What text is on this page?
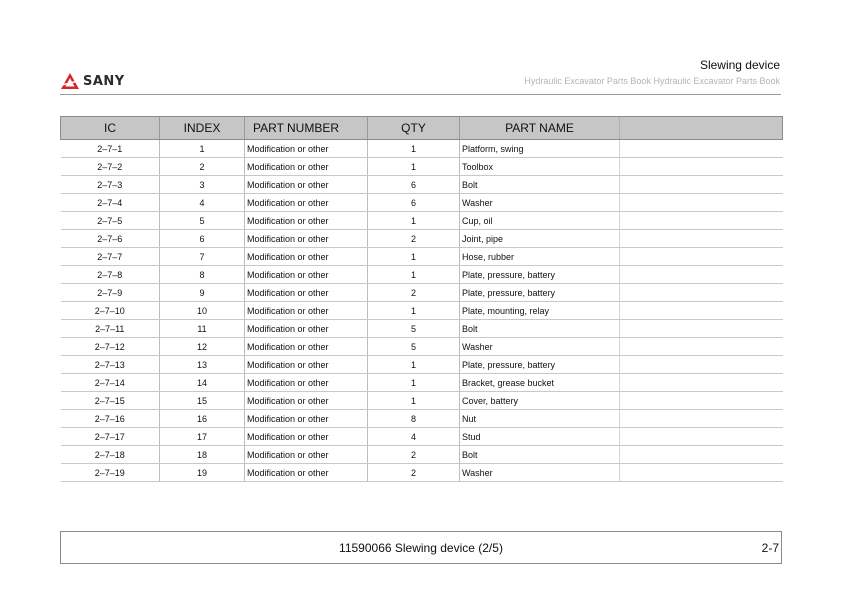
SANY
Slewing device
Hydraulic Excavator Parts Book Hydraulic Excavator Parts Book
IC	INDEX	PART NUMBER	QTY	PART NAME	
2–7–1	1	Modification or other	1	Platform, swing	
2–7–2	2	Modification or other	1	Toolbox	
2–7–3	3	Modification or other	6	Bolt	
2–7–4	4	Modification or other	6	Washer	
2–7–5	5	Modification or other	1	Cup, oil	
2–7–6	6	Modification or other	2	Joint, pipe	
2–7–7	7	Modification or other	1	Hose, rubber	
2–7–8	8	Modification or other	1	Plate, pressure, battery	
2–7–9	9	Modification or other	2	Plate, pressure, battery	
2–7–10	10	Modification or other	1	Plate, mounting, relay	
2–7–11	11	Modification or other	5	Bolt	
2–7–12	12	Modification or other	5	Washer	
2–7–13	13	Modification or other	1	Plate, pressure, battery	
2–7–14	14	Modification or other	1	Bracket, grease bucket	
2–7–15	15	Modification or other	1	Cover, battery	
2–7–16	16	Modification or other	8	Nut	
2–7–17	17	Modification or other	4	Stud	
2–7–18	18	Modification or other	2	Bolt	
2–7–19	19	Modification or other	2	Washer	
11590066 Slewing device (2/5)	2-7
